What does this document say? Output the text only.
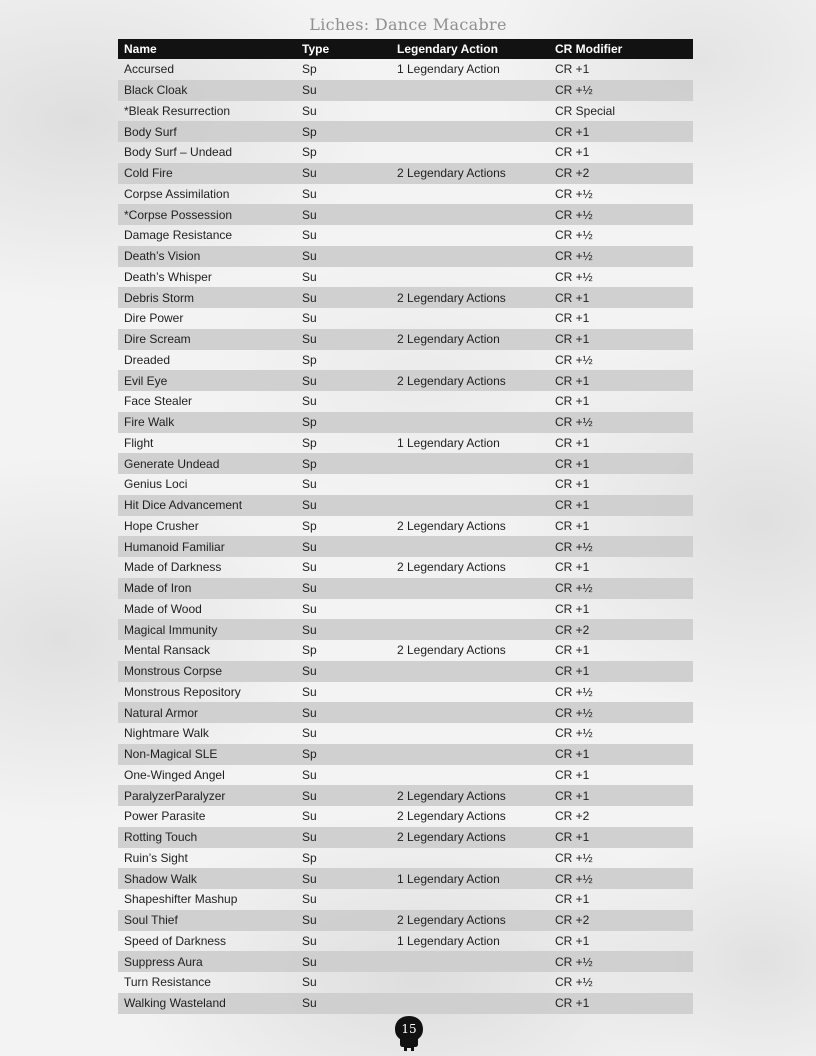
Liches: Dance Macabre
Name	Type	Legendary Action	CR Modifier
Accursed	Sp	1 Legendary Action	CR +1
Black Cloak	Su		CR +½
*Bleak Resurrection	Su		CR Special
Body Surf	Sp		CR +1
Body Surf – Undead	Sp		CR +1
Cold Fire	Su	2 Legendary Actions	CR +2
Corpse Assimilation	Su		CR +½
*Corpse Possession	Su		CR +½
Damage Resistance	Su		CR +½
Death’s Vision	Su		CR +½
Death’s Whisper	Su		CR +½
Debris Storm	Su	2 Legendary Actions	CR +1
Dire Power	Su		CR +1
Dire Scream	Su	2 Legendary Action	CR +1
Dreaded	Sp		CR +½
Evil Eye	Su	2 Legendary Actions	CR +1
Face Stealer	Su		CR +1
Fire Walk	Sp		CR +½
Flight	Sp	1 Legendary Action	CR +1
Generate Undead	Sp		CR +1
Genius Loci	Su		CR +1
Hit Dice Advancement	Su		CR +1
Hope Crusher	Sp	2 Legendary Actions	CR +1
Humanoid Familiar	Su		CR +½
Made of Darkness	Su	2 Legendary Actions	CR +1
Made of Iron	Su		CR +½
Made of Wood	Su		CR +1
Magical Immunity	Su		CR +2
Mental Ransack	Sp	2 Legendary Actions	CR +1
Monstrous Corpse	Su		CR +1
Monstrous Repository	Su		CR +½
Natural Armor	Su		CR +½
Nightmare Walk	Su		CR +½
Non-Magical SLE	Sp		CR +1
One-Winged Angel	Su		CR +1
ParalyzerParalyzer	Su	2 Legendary Actions	CR +1
Power Parasite	Su	2 Legendary Actions	CR +2
Rotting Touch	Su	2 Legendary Actions	CR +1
Ruin’s Sight	Sp		CR +½
Shadow Walk	Su	1 Legendary Action	CR +½
Shapeshifter Mashup	Su		CR +1
Soul Thief	Su	2 Legendary Actions	CR +2
Speed of Darkness	Su	1 Legendary Action	CR +1
Suppress Aura	Su		CR +½
Turn Resistance	Su		CR +½
Walking Wasteland	Su		CR +1
15
